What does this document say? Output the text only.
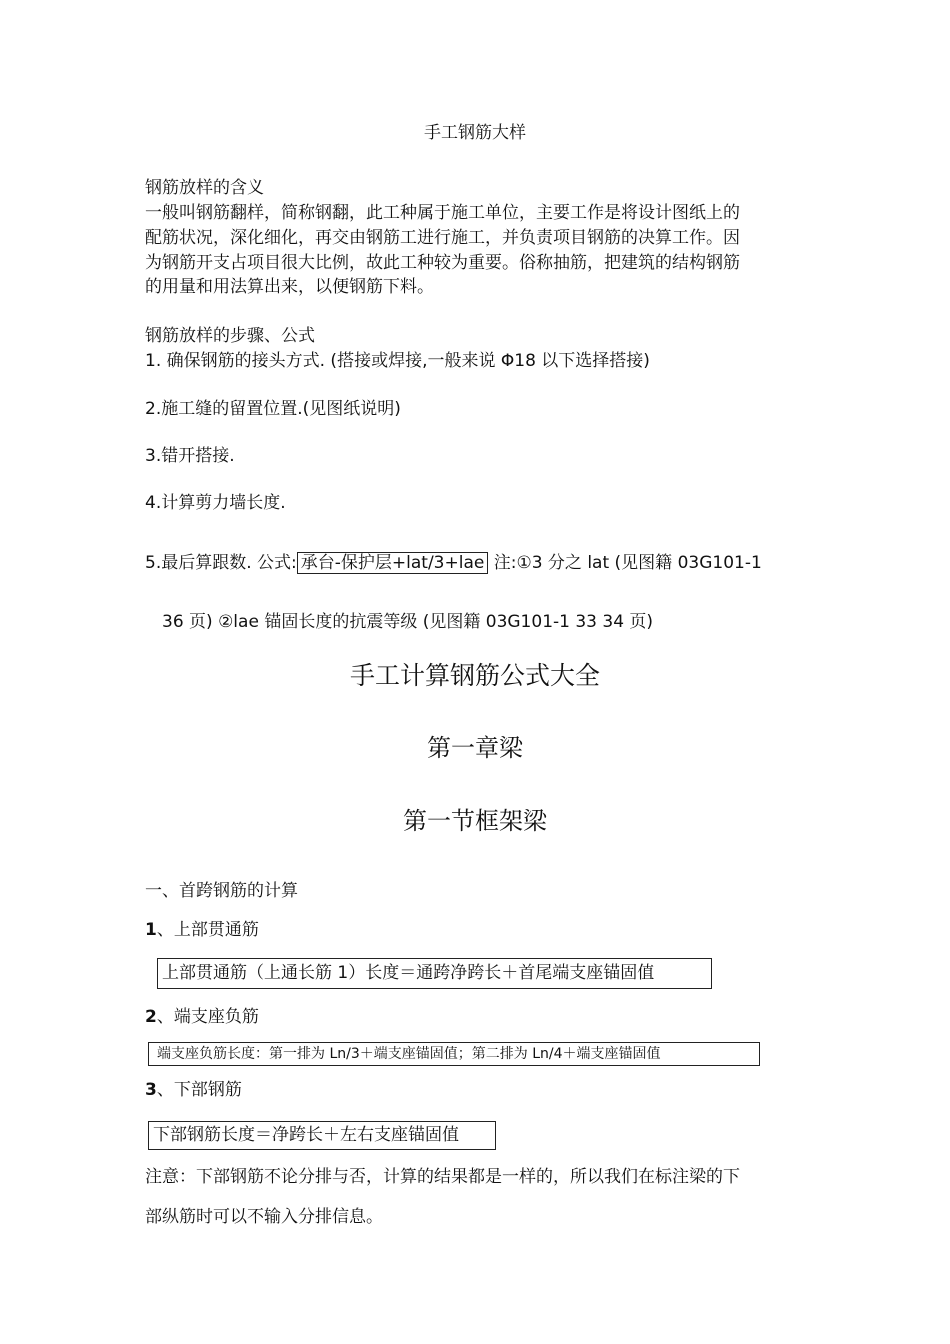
手工钢筋大样
钢筋放样的含义
一般叫钢筋翻样，简称钢翻，此工种属于施工单位，主要工作是将设计图纸上的
配筋状况，深化细化，再交由钢筋工进行施工，并负责项目钢筋的决算工作。因
为钢筋开支占项目很大比例，故此工种较为重要。俗称抽筋，把建筑的结构钢筋
的用量和用法算出来，以便钢筋下料。
钢筋放样的步骤、公式
1. 确保钢筋的接头方式. (搭接或焊接,一般来说 Φ18 以下选择搭接)
2.施工缝的留置位置.(见图纸说明)
3.错开搭接.
4.计算剪力墙长度.
5.最后算跟数. 公式: 承台-保护层+lat/3+lae 注:①3 分之 lat (见图籍 03G101-1
36 页) ②lae 锚固长度的抗震等级 (见图籍 03G101-1 33 34 页)
手工计算钢筋公式大全
第一章梁
第一节框架梁
一、首跨钢筋的计算
1、上部贯通筋
上部贯通筋（上通长筋 1）长度＝通跨净跨长＋首尾端支座锚固值
2、端支座负筋
端支座负筋长度：第一排为 Ln/3＋端支座锚固值；第二排为 Ln/4＋端支座锚固值
3、下部钢筋
下部钢筋长度＝净跨长＋左右支座锚固值
注意：下部钢筋不论分排与否，计算的结果都是一样的，所以我们在标注梁的下
部纵筋时可以不输入分排信息。
